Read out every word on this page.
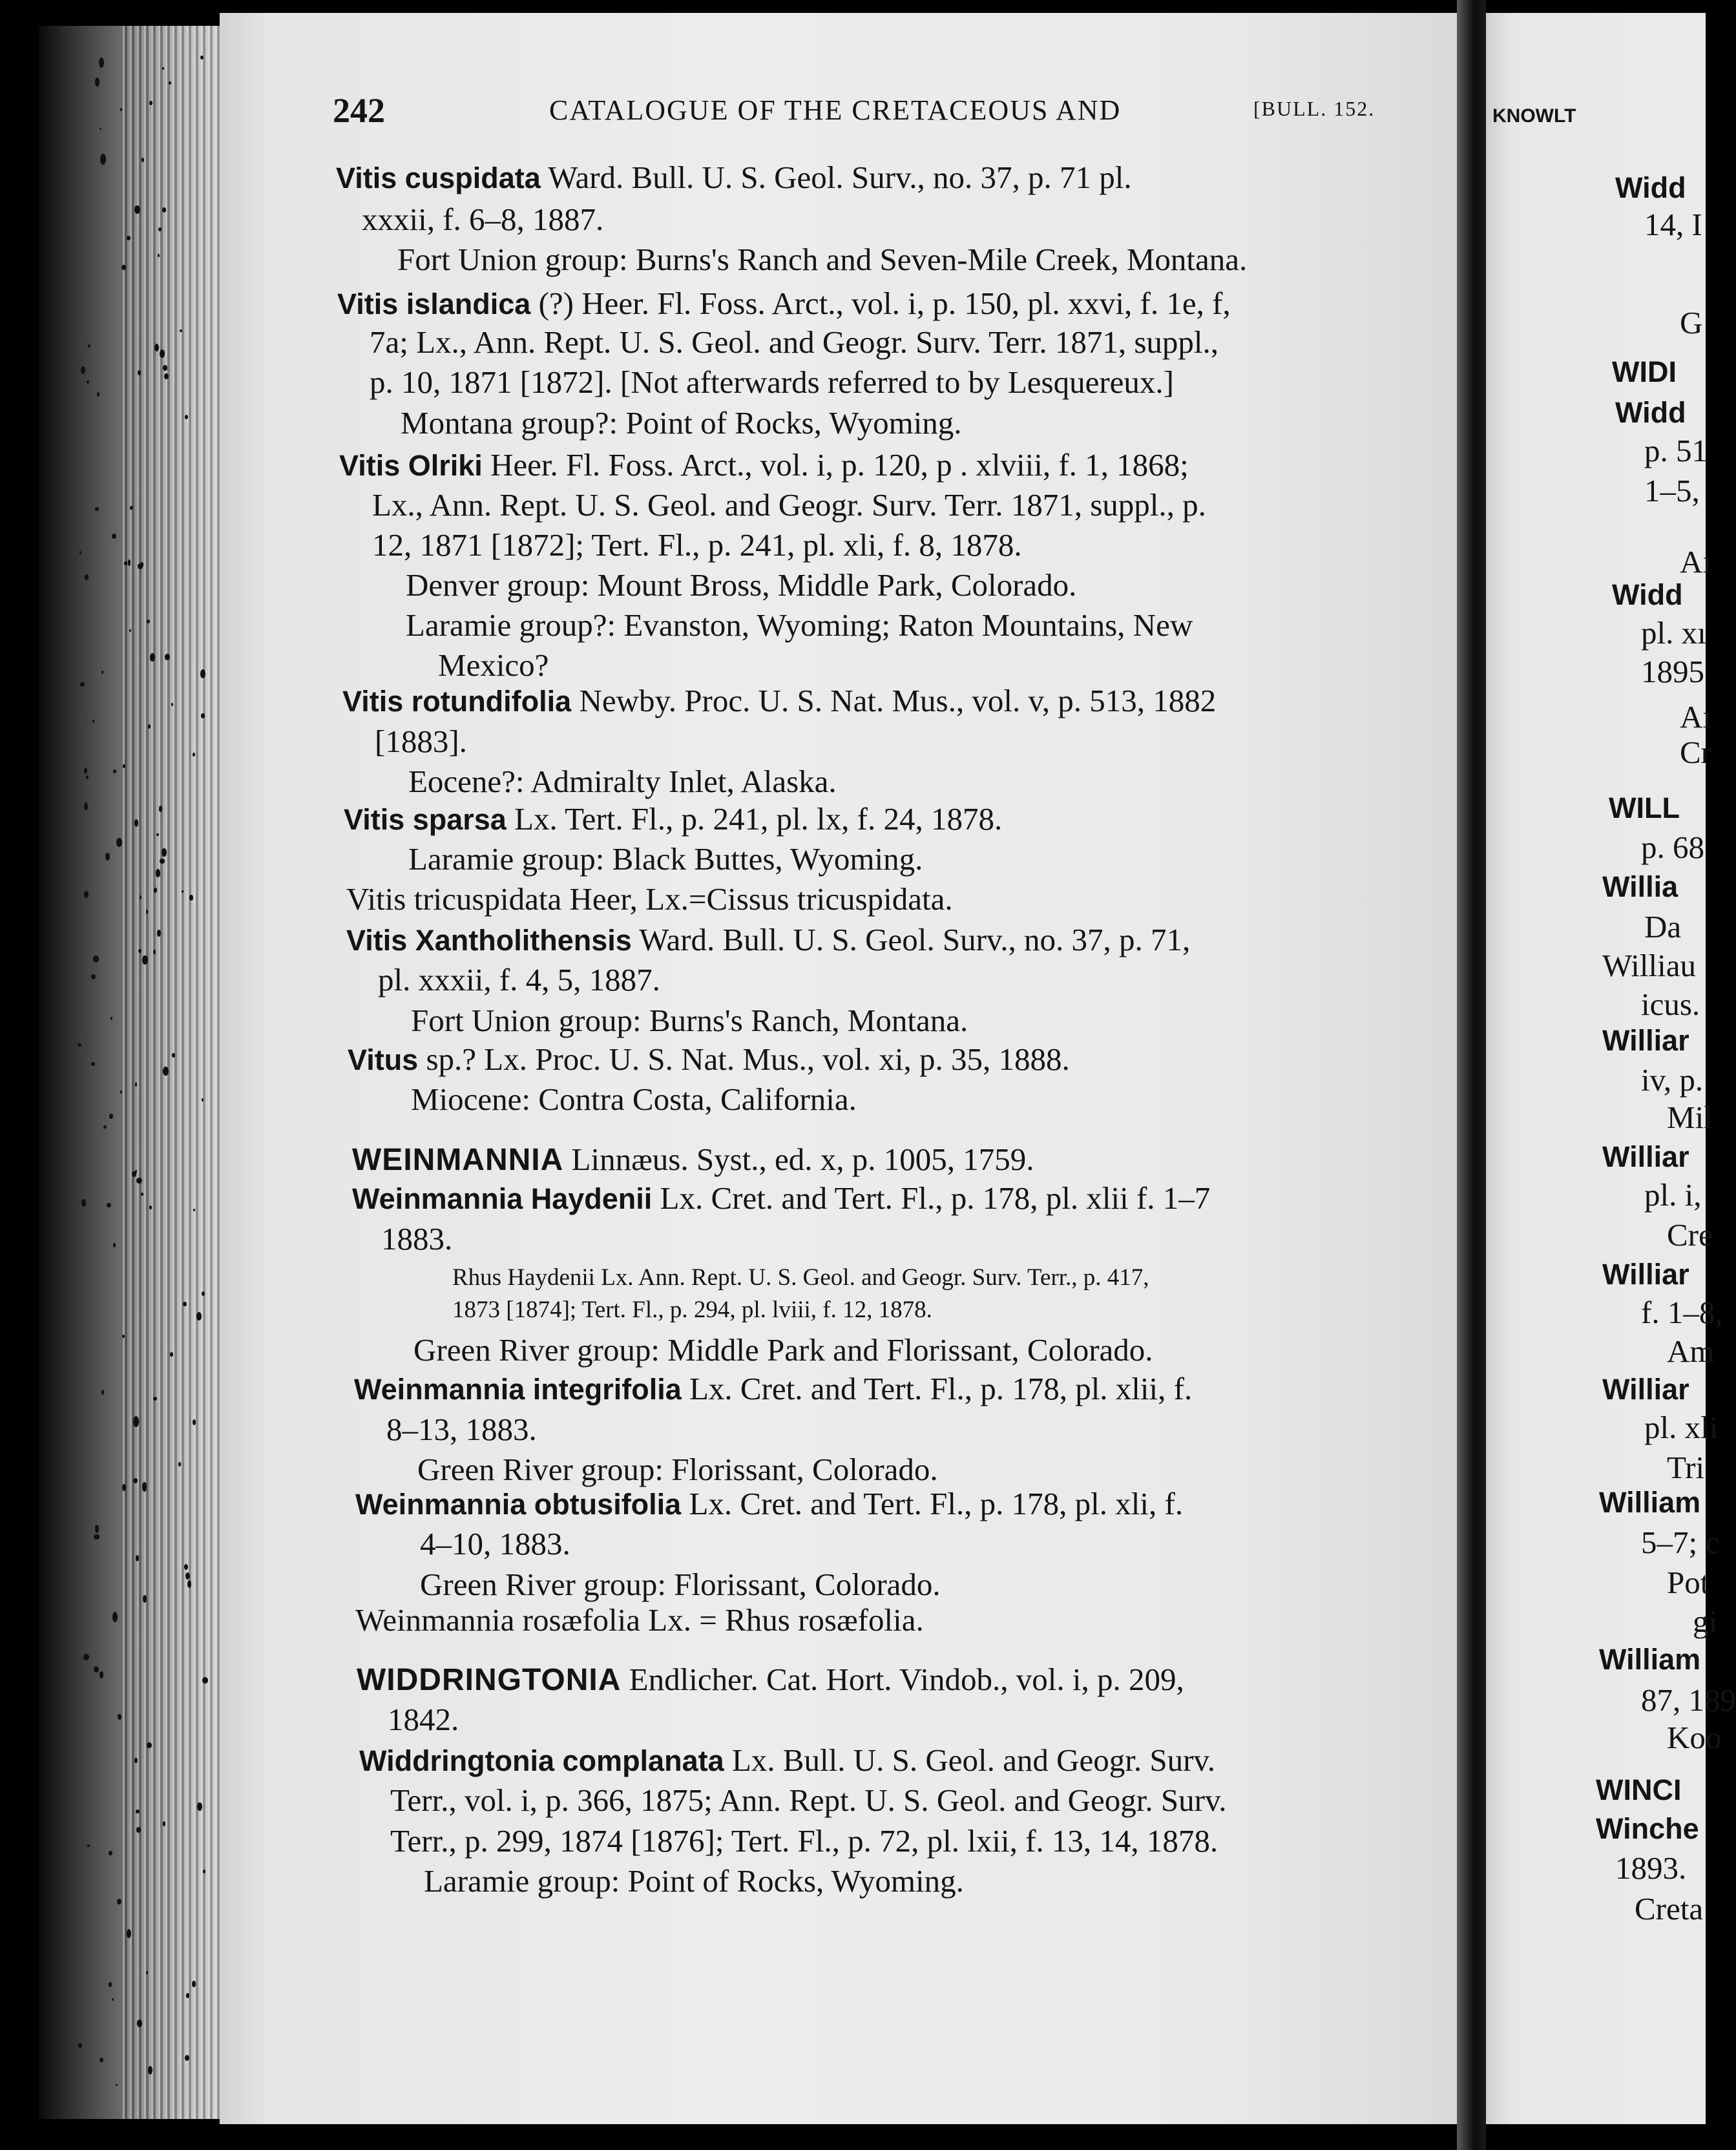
KNOWLT
Widd
14, I
G
WIDI
Widd
p. 51
1–5,
Aı
Widd
pl. xı
1895
Aı
Cr
WILL
p. 68
Willia
Da
Williau
icus.
Williar
iv, p.
Mil
Williar
pl. i,
Cre
Williar
f. 1–8,
Am
Williar
pl. xli
Tri
William
5–7; c
Pot
gi
William
87, 189
Koo
WINCI
Winche
1893.
Creta
242	CATALOGUE OF THE CRETACEOUS AND	[BULL. 152.
Vitis cuspidata Ward. Bull. U. S. Geol. Surv., no. 37, p. 71 pl.
xxxii, f. 6–8, 1887.
Fort Union group: Burns's Ranch and Seven-Mile Creek, Montana.
Vitis islandica (?) Heer. Fl. Foss. Arct., vol. i, p. 150, pl. xxvi, f. 1e, f,
7a; Lx., Ann. Rept. U. S. Geol. and Geogr. Surv. Terr. 1871, suppl.,
p. 10, 1871 [1872]. [Not afterwards referred to by Lesquereux.]
Montana group?: Point of Rocks, Wyoming.
Vitis Olriki Heer. Fl. Foss. Arct., vol. i, p. 120, p . xlviii, f. 1, 1868;
Lx., Ann. Rept. U. S. Geol. and Geogr. Surv. Terr. 1871, suppl., p.
12, 1871 [1872]; Tert. Fl., p. 241, pl. xli, f. 8, 1878.
Denver group: Mount Bross, Middle Park, Colorado.
Laramie group?: Evanston, Wyoming; Raton Mountains, New
Mexico?
Vitis rotundifolia Newby. Proc. U. S. Nat. Mus., vol. v, p. 513, 1882
[1883].
Eocene?: Admiralty Inlet, Alaska.
Vitis sparsa Lx. Tert. Fl., p. 241, pl. lx, f. 24, 1878.
Laramie group: Black Buttes, Wyoming.
Vitis tricuspidata Heer, Lx.=Cissus tricuspidata.
Vitis Xantholithensis Ward. Bull. U. S. Geol. Surv., no. 37, p. 71,
pl. xxxii, f. 4, 5, 1887.
Fort Union group: Burns's Ranch, Montana.
Vitus sp.? Lx. Proc. U. S. Nat. Mus., vol. xi, p. 35, 1888.
Miocene: Contra Costa, California.
WEINMANNIA Linnæus. Syst., ed. x, p. 1005, 1759.
Weinmannia Haydenii Lx. Cret. and Tert. Fl., p. 178, pl. xlii f. 1–7
1883.
Rhus Haydenii Lx. Ann. Rept. U. S. Geol. and Geogr. Surv. Terr., p. 417,
1873 [1874]; Tert. Fl., p. 294, pl. lviii, f. 12, 1878.
Green River group: Middle Park and Florissant, Colorado.
Weinmannia integrifolia Lx. Cret. and Tert. Fl., p. 178, pl. xlii, f.
8–13, 1883.
Green River group: Florissant, Colorado.
Weinmannia obtusifolia Lx. Cret. and Tert. Fl., p. 178, pl. xli, f.
4–10, 1883.
Green River group: Florissant, Colorado.
Weinmannia rosæfolia Lx. = Rhus rosæfolia.
WIDDRINGTONIA Endlicher. Cat. Hort. Vindob., vol. i, p. 209,
1842.
Widdringtonia complanata Lx. Bull. U. S. Geol. and Geogr. Surv.
Terr., vol. i, p. 366, 1875; Ann. Rept. U. S. Geol. and Geogr. Surv.
Terr., p. 299, 1874 [1876]; Tert. Fl., p. 72, pl. lxii, f. 13, 14, 1878.
Laramie group: Point of Rocks, Wyoming.
